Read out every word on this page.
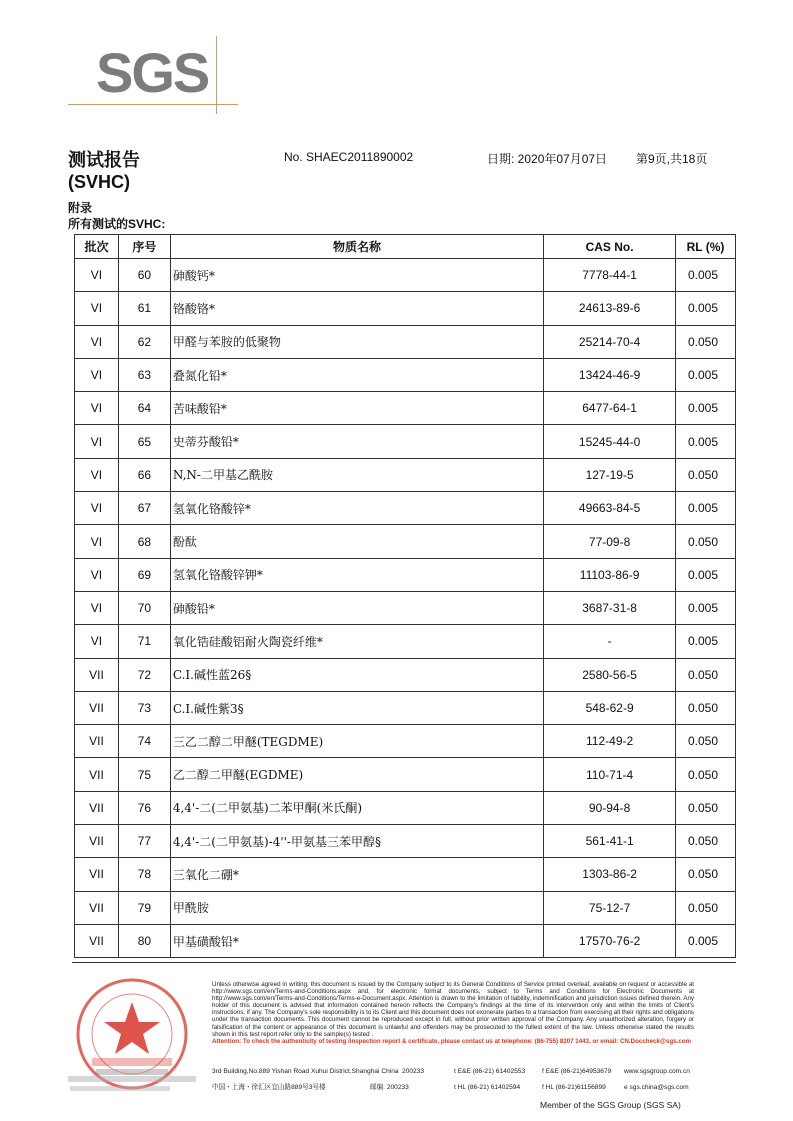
SGS
测试报告
(SVHC)
No. SHAEC2011890002	日期: 2020年07月07日 第9页,共18页
附录
所有测试的SVHC:
批次	序号	物质名称	CAS No.	RL (%)
VI	60	砷酸钙*	7778-44-1	0.005
VI	61	铬酸铬*	24613-89-6	0.005
VI	62	甲醛与苯胺的低聚物	25214-70-4	0.050
VI	63	叠氮化铅*	13424-46-9	0.005
VI	64	苦味酸铅*	6477-64-1	0.005
VI	65	史蒂芬酸铅*	15245-44-0	0.005
VI	66	N,N-二甲基乙酰胺	127-19-5	0.050
VI	67	氢氧化铬酸锌*	49663-84-5	0.005
VI	68	酚酞	77-09-8	0.050
VI	69	氢氧化铬酸锌钾*	11103-86-9	0.005
VI	70	砷酸铅*	3687-31-8	0.005
VI	71	氧化锆硅酸铝耐火陶瓷纤维*	-	0.005
VII	72	C.I.碱性蓝26§	2580-56-5	0.050
VII	73	C.I.碱性紫3§	548-62-9	0.050
VII	74	三乙二醇二甲醚(TEGDME)	112-49-2	0.050
VII	75	乙二醇二甲醚(EGDME)	110-71-4	0.050
VII	76	4,4'-二(二甲氨基)二苯甲酮(米氏酮)	90-94-8	0.050
VII	77	4,4'-二(二甲氨基)-4''-甲氨基三苯甲醇§	561-41-1	0.050
VII	78	三氧化二硼*	1303-86-2	0.050
VII	79	甲酰胺	75-12-7	0.050
VII	80	甲基磺酸铅*	17570-76-2	0.005
Unless otherwise agreed in writing, this document is issued by the Company subject to its General Conditions of Service printed overleaf, available on request or accessible at http://www.sgs.com/en/Terms-and-Conditions.aspx and, for electronic format documents, subject to Terms and Conditions for Electronic Documents at http://www.sgs.com/en/Terms-and-Conditions/Terms-e-Document.aspx. Attention is drawn to the limitation of liability, indemnification and jurisdiction issues defined therein. Any holder of this document is advised that information contained hereon reflects the Company's findings at the time of its intervention only and within the limits of Client's instructions, if any. The Company's sole responsibility is to its Client and this document does not exonerate parties to a transaction from exercising all their rights and obligations under the transaction documents. This document cannot be reproduced except in full, without prior written approval of the Company. Any unauthorized alteration, forgery or falsification of the content or appearance of this document is unlawful and offenders may be prosecuted to the fullest extent of the law. Unless otherwise stated the results shown in this test report refer only to the sample(s) tested .
Attention: To check the authenticity of testing /inspection report & certificate, please contact us at telephone: (86-755) 8307 1443, or email: CN.Doccheck@sgs.com
3rd Building,No.889 Yishan Road Xuhui District,Shanghai China 200233	t E&E (86-21) 61402553	f E&E (86-21)64953679 www.sgsgroup.com.cn
中国・上海・徐汇区宜山路889号3号楼	邮编: 200233	t HL (86-21) 61402594	f HL (86-21)61156899	e sgs.china@sgs.com
Member of the SGS Group (SGS SA)
